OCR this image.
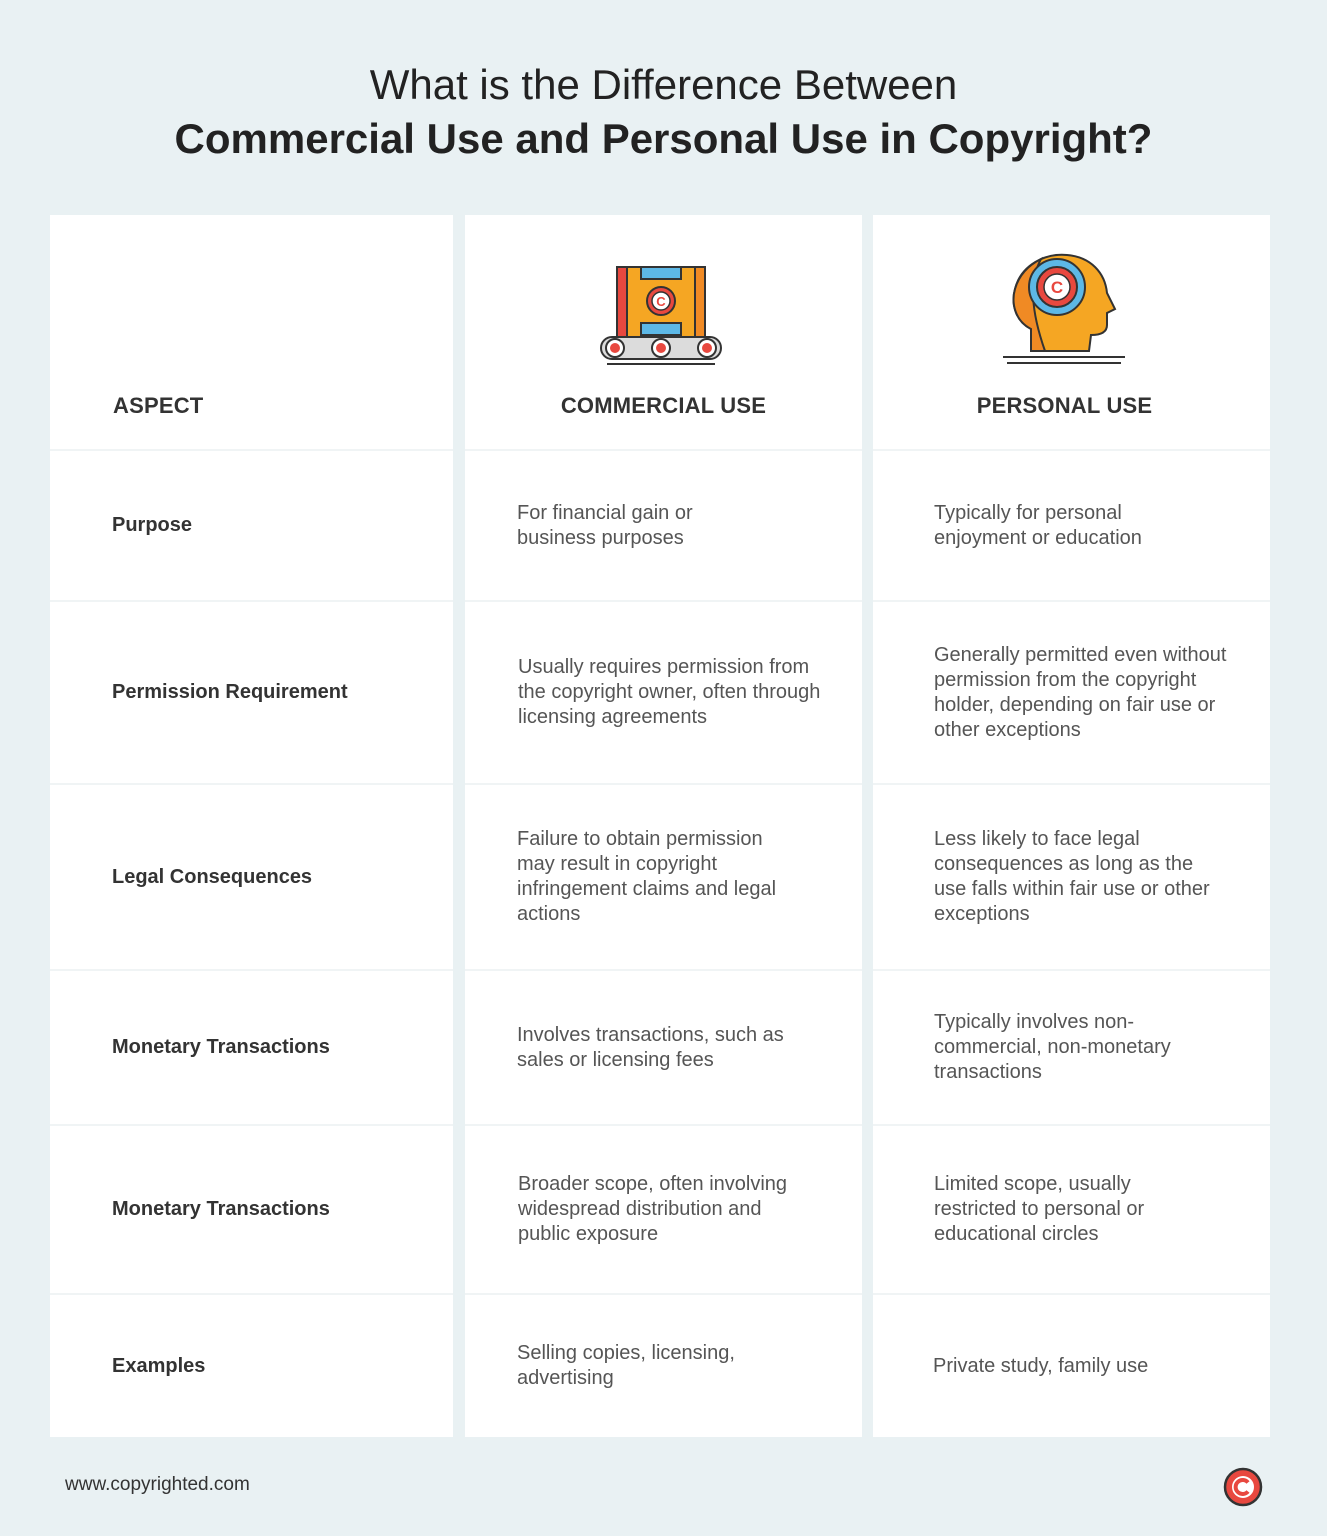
What is the Difference Between
Commercial Use and Personal Use in Copyright?
ASPECT
Purpose
Permission Requirement
Legal Consequences
Monetary Transactions
Monetary Transactions
Examples
C
COMMERCIAL USE
For financial gain or business purposes
Usually requires permission from the copyright owner, often through licensing agreements
Failure to obtain permission may result in copyright infringement claims and legal actions
Involves transactions, such as sales or licensing fees
Broader scope, often involving widespread distribution and public exposure
Selling copies, licensing, advertising
C
PERSONAL USE
Typically for personal enjoyment or education
Generally permitted even without permission from the copyright holder, depending on fair use or other exceptions
Less likely to face legal consequences as long as the use falls within fair use or other exceptions
Typically involves non-commercial, non-monetary transactions
Limited scope, usually restricted to personal or educational circles
Private study, family use
www.copyrighted.com
